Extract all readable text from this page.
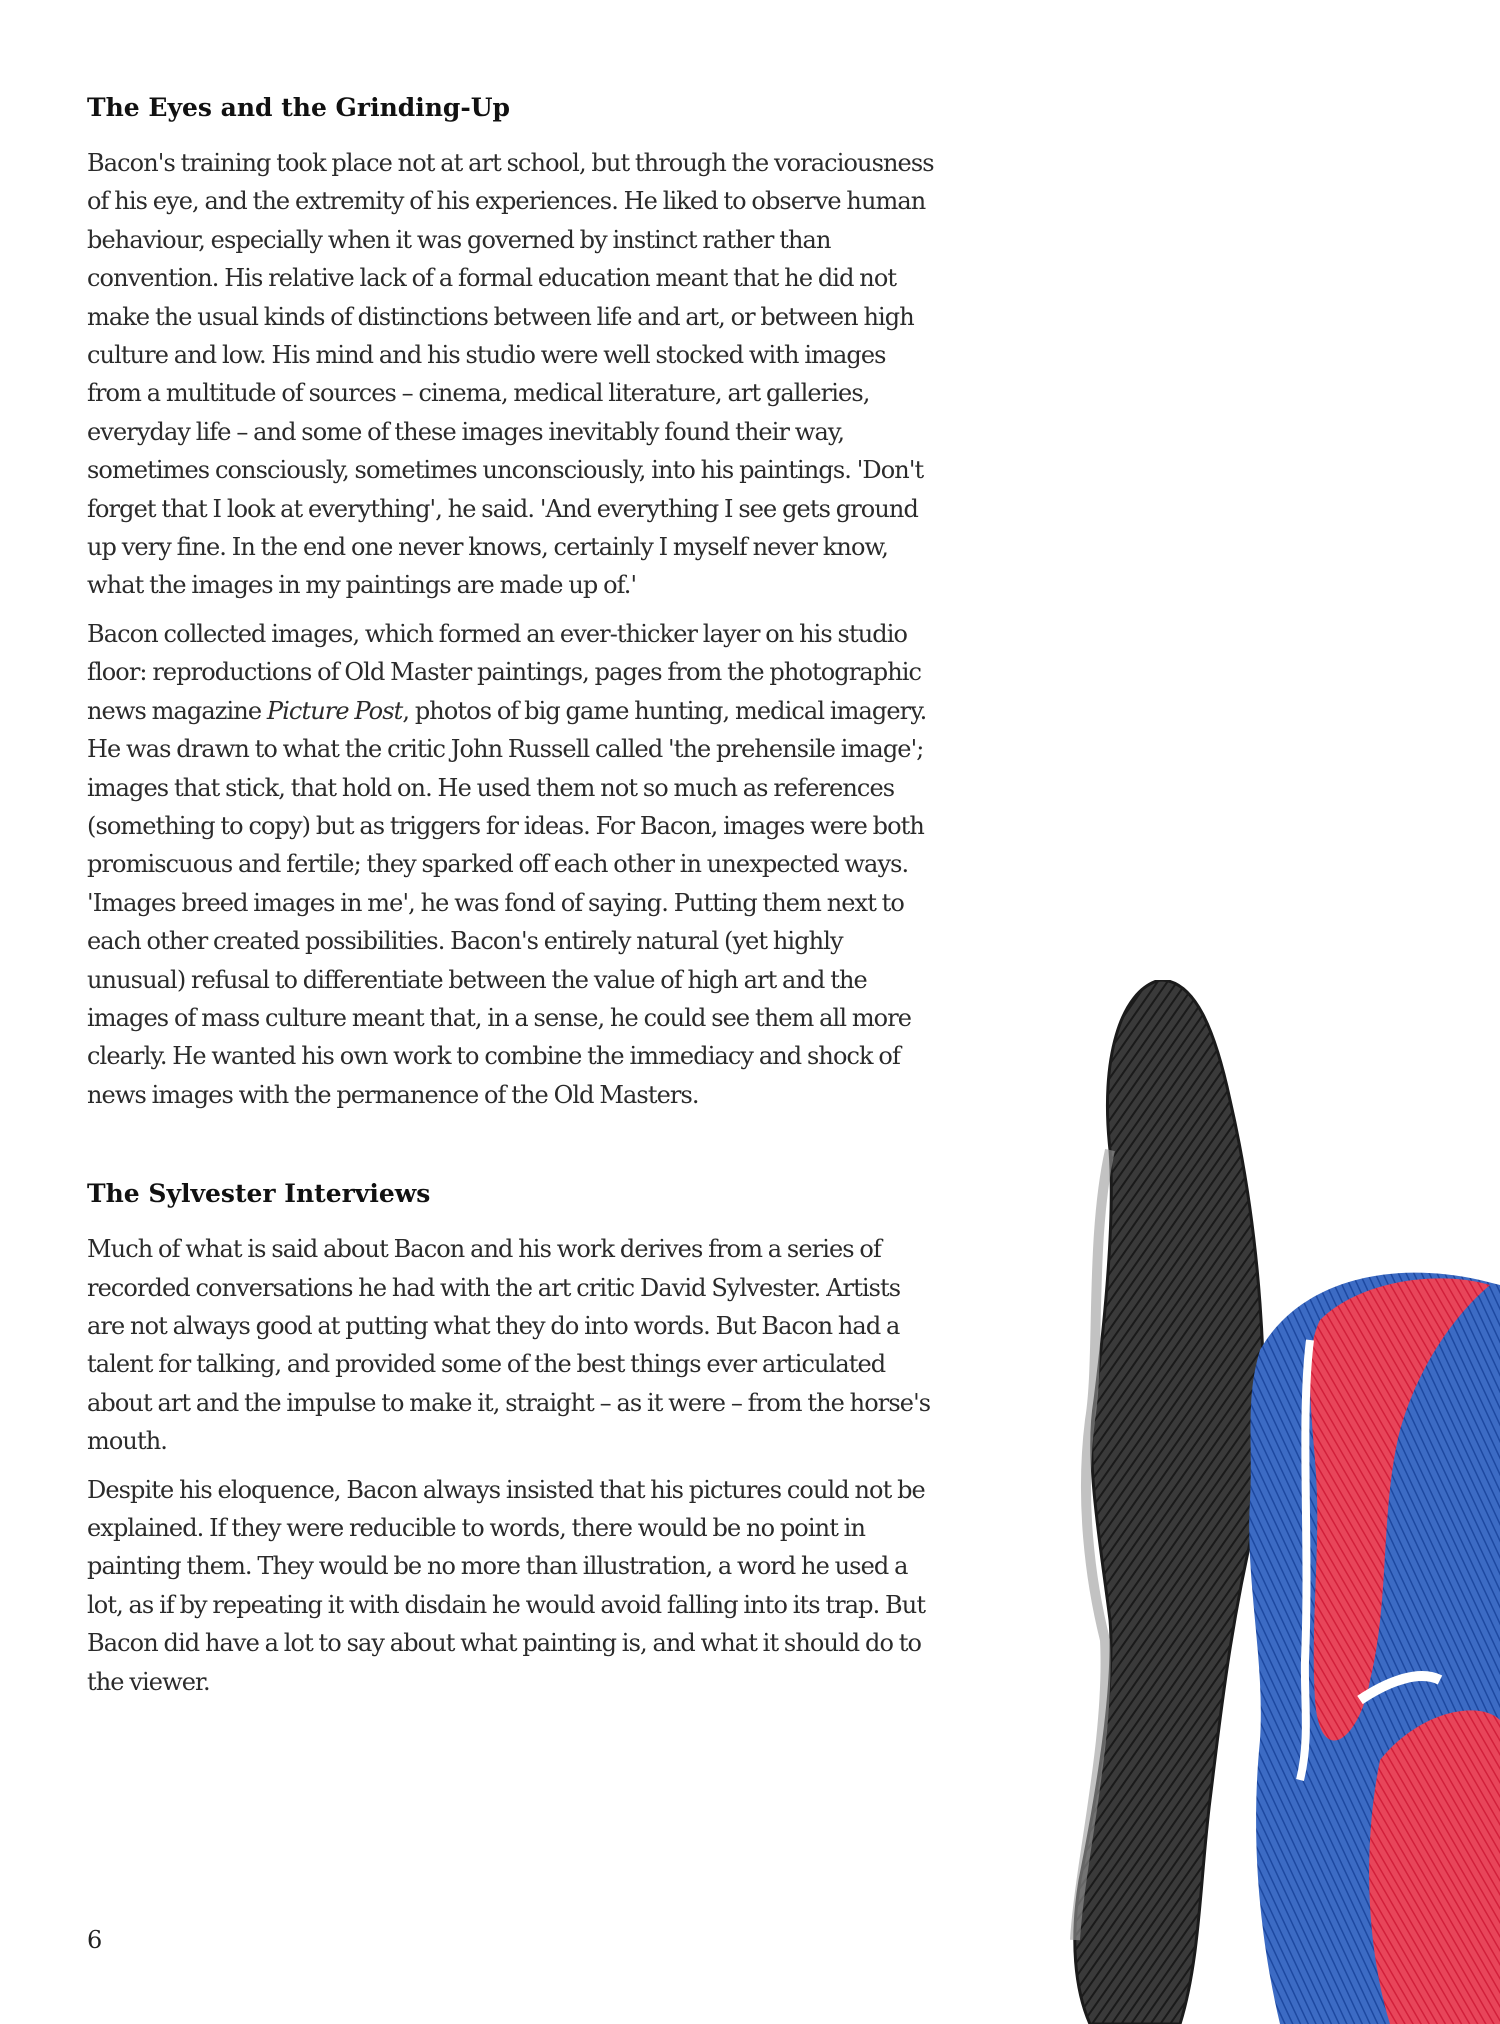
The Eyes and the Grinding-Up

Bacon's training took place not at art school, but through the voraciousness of his eye, and the extremity of his experiences. He liked to observe human behaviour, especially when it was governed by instinct rather than convention. His relative lack of a formal education meant that he did not make the usual kinds of distinctions between life and art, or between high culture and low. His mind and his studio were well stocked with images from a multitude of sources – cinema, medical literature, art galleries, everyday life – and some of these images inevitably found their way, sometimes consciously, sometimes unconsciously, into his paintings. 'Don't forget that I look at everything', he said. 'And everything I see gets ground up very fine. In the end one never knows, certainly I myself never know, what the images in my paintings are made up of.'

Bacon collected images, which formed an ever-thicker layer on his studio floor: reproductions of Old Master paintings, pages from the photographic news magazine Picture Post, photos of big game hunting, medical imagery. He was drawn to what the critic John Russell called 'the prehensile image'; images that stick, that hold on. He used them not so much as references (something to copy) but as triggers for ideas. For Bacon, images were both promiscuous and fertile; they sparked off each other in unexpected ways. 'Images breed images in me', he was fond of saying. Putting them next to each other created possibilities. Bacon's entirely natural (yet highly unusual) refusal to differentiate between the value of high art and the images of mass culture meant that, in a sense, he could see them all more clearly. He wanted his own work to combine the immediacy and shock of news images with the permanence of the Old Masters.

The Sylvester Interviews

Much of what is said about Bacon and his work derives from a series of recorded conversations he had with the art critic David Sylvester. Artists are not always good at putting what they do into words. But Bacon had a talent for talking, and provided some of the best things ever articulated about art and the impulse to make it, straight – as it were – from the horse's mouth.

Despite his eloquence, Bacon always insisted that his pictures could not be explained. If they were reducible to words, there would be no point in painting them. They would be no more than illustration, a word he used a lot, as if by repeating it with disdain he would avoid falling into its trap. But Bacon did have a lot to say about what painting is, and what it should do to the viewer.

6
